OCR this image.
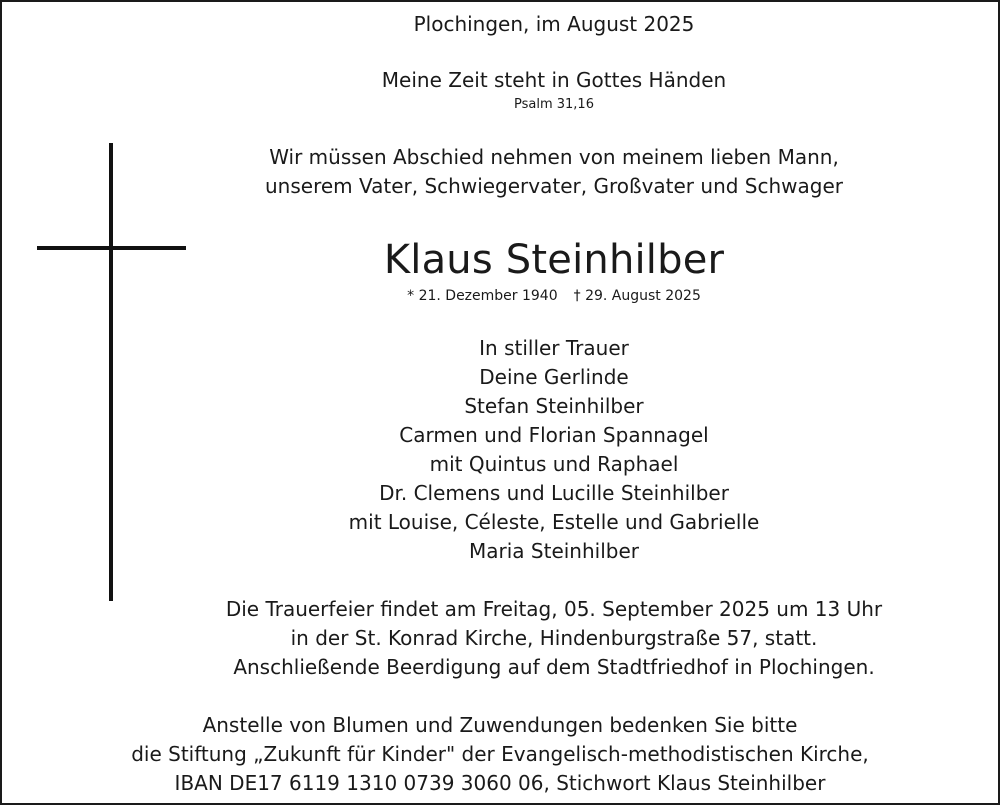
Plochingen, im August 2025
Meine Zeit steht in Gottes Händen
Psalm 31,16
Wir müssen Abschied nehmen von meinem lieben Mann,
unserem Vater, Schwiegervater, Großvater und Schwager
Klaus Steinhilber
* 21. Dezember 1940 † 29. August 2025
In stiller Trauer
Deine Gerlinde
Stefan Steinhilber
Carmen und Florian Spannagel
mit Quintus und Raphael
Dr. Clemens und Lucille Steinhilber
mit Louise, Céleste, Estelle und Gabrielle
Maria Steinhilber
Die Trauerfeier findet am Freitag, 05. September 2025 um 13 Uhr
in der St. Konrad Kirche, Hindenburgstraße 57, statt.
Anschließende Beerdigung auf dem Stadtfriedhof in Plochingen.
Anstelle von Blumen und Zuwendungen bedenken Sie bitte
die Stiftung „Zukunft für Kinder" der Evangelisch-methodistischen Kirche,
IBAN DE17 6119 1310 0739 3060 06, Stichwort Klaus Steinhilber
